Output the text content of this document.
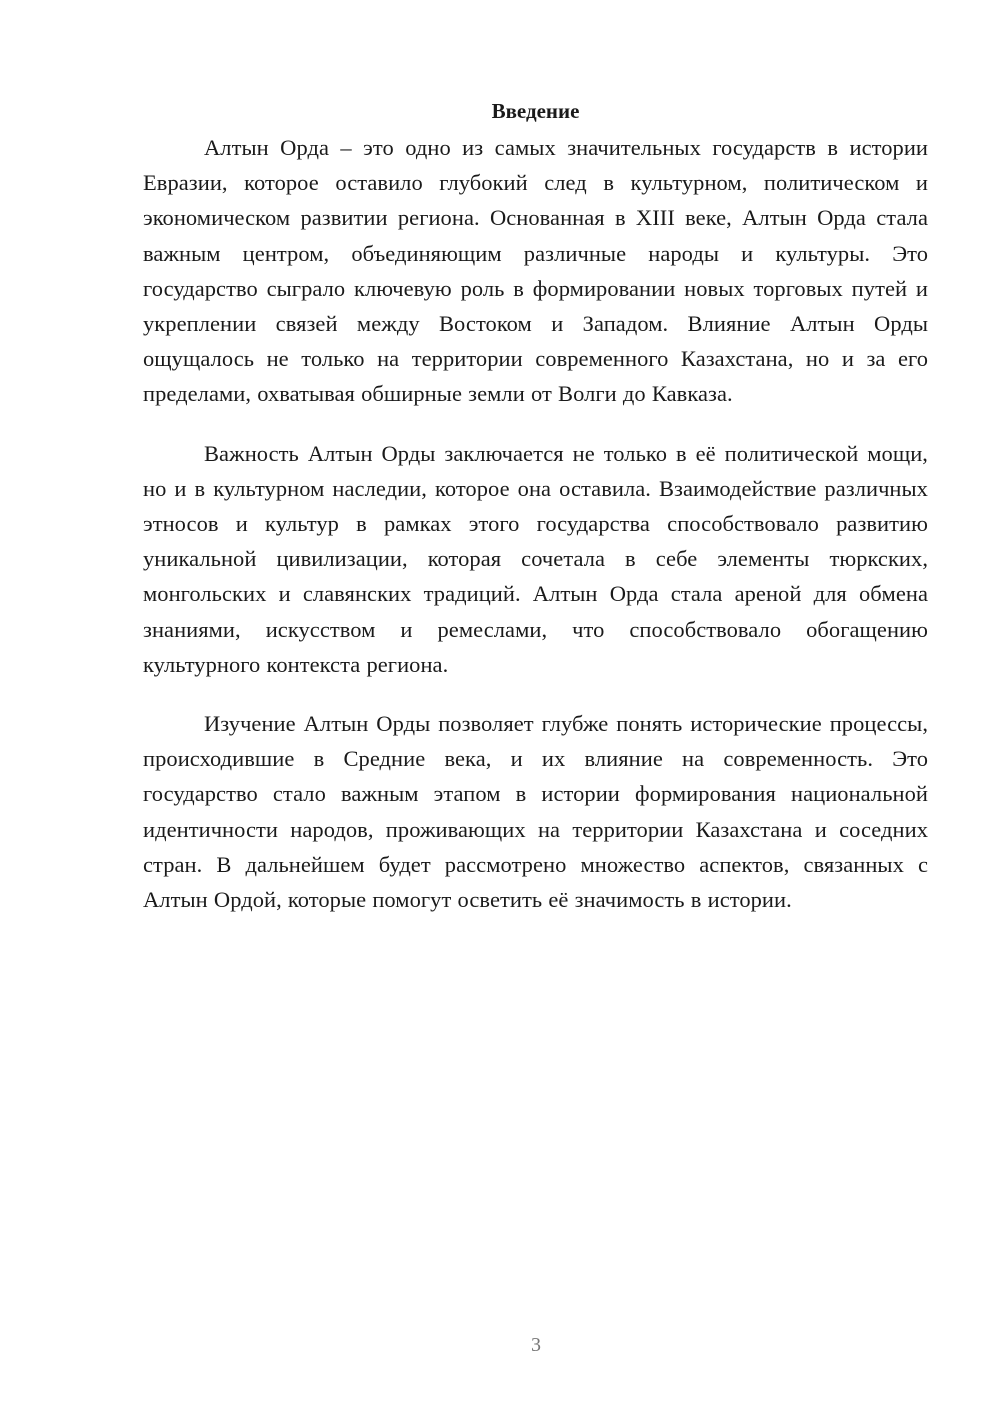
Введение

Алтын Орда – это одно из самых значительных государств в истории Евразии, которое оставило глубокий след в культурном, политическом и экономическом развитии региона. Основанная в XIII веке, Алтын Орда стала важным центром, объединяющим различные народы и культуры. Это государство сыграло ключевую роль в формировании новых торговых путей и укреплении связей между Востоком и Западом. Влияние Алтын Орды ощущалось не только на территории современного Казахстана, но и за его пределами, охватывая обширные земли от Волги до Кавказа.

Важность Алтын Орды заключается не только в её политической мощи, но и в культурном наследии, которое она оставила. Взаимодействие различных этносов и культур в рамках этого государства способствовало развитию уникальной цивилизации, которая сочетала в себе элементы тюркских, монгольских и славянских традиций. Алтын Орда стала ареной для обмена знаниями, искусством и ремеслами, что способствовало обогащению культурного контекста региона.

Изучение Алтын Орды позволяет глубже понять исторические процессы, происходившие в Средние века, и их влияние на современность. Это государство стало важным этапом в истории формирования национальной идентичности народов, проживающих на территории Казахстана и соседних стран. В дальнейшем будет рассмотрено множество аспектов, связанных с Алтын Ордой, которые помогут осветить её значимость в истории.

3
